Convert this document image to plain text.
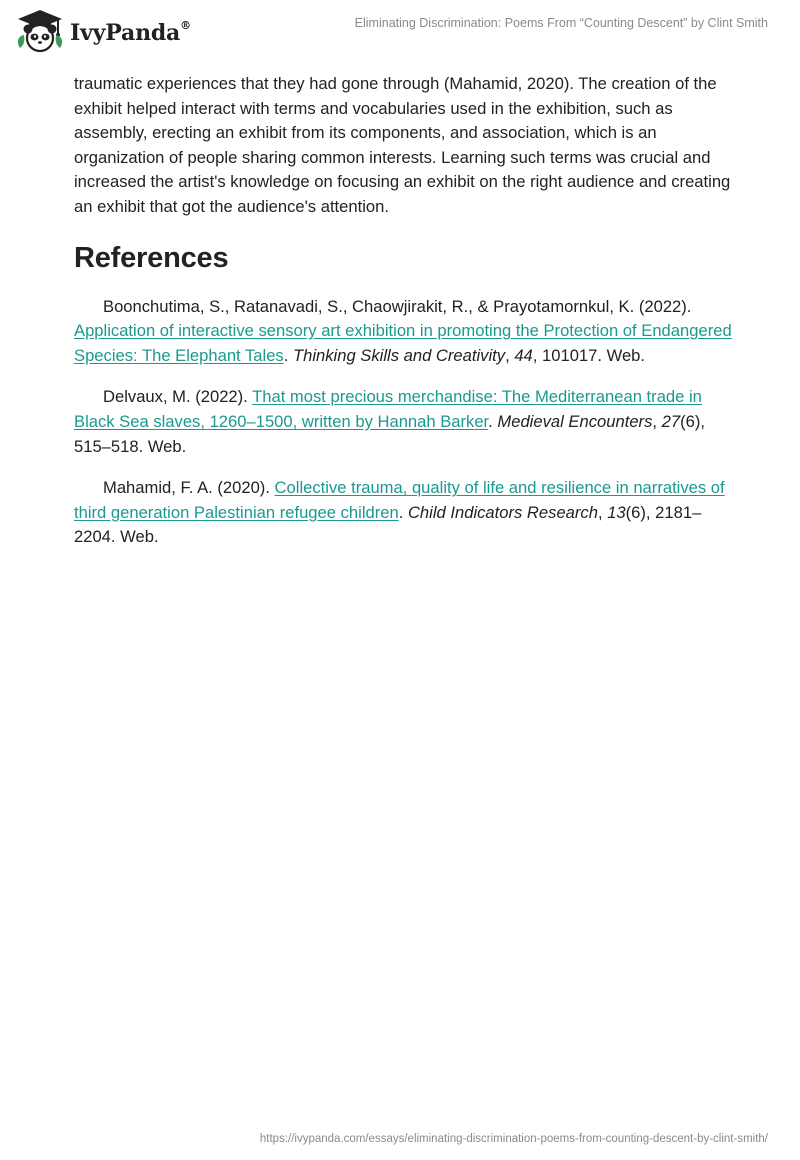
IvyPanda®	Eliminating Discrimination: Poems From “Counting Descent” by Clint Smith

traumatic experiences that they had gone through (Mahamid, 2020). The creation of the exhibit helped interact with terms and vocabularies used in the exhibition, such as assembly, erecting an exhibit from its components, and association, which is an organization of people sharing common interests. Learning such terms was crucial and increased the artist's knowledge on focusing an exhibit on the right audience and creating an exhibit that got the audience's attention.

References

Boonchutima, S., Ratanavadi, S., Chaowjirakit, R., & Prayotamornkul, K. (2022). Application of interactive sensory art exhibition in promoting the Protection of Endangered Species: The Elephant Tales. Thinking Skills and Creativity, 44, 101017. Web.

Delvaux, M. (2022). That most precious merchandise: The Mediterranean trade in Black Sea slaves, 1260–1500, written by Hannah Barker. Medieval Encounters, 27(6), 515–518. Web.

Mahamid, F. A. (2020). Collective trauma, quality of life and resilience in narratives of third generation Palestinian refugee children. Child Indicators Research, 13(6), 2181–2204. Web.

https://ivypanda.com/essays/eliminating-discrimination-poems-from-counting-descent-by-clint-smith/
